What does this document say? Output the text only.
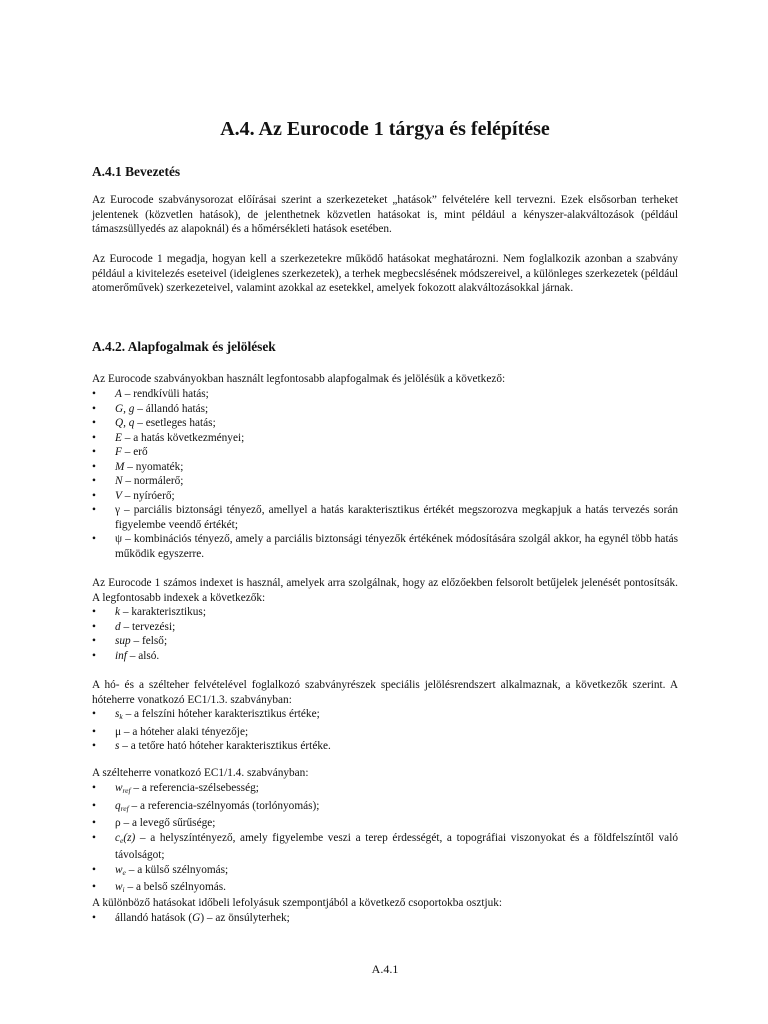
A.4. Az Eurocode 1 tárgya és felépítése
A.4.1 Bevezetés

Az Eurocode szabványsorozat előírásai szerint a szerkezeteket „hatások” felvételére kell tervezni. Ezek elsősorban terheket jelentenek (közvetlen hatások), de jelenthetnek közvetlen hatásokat is, mint például a kényszer-alakváltozások (például támaszsüllyedés az alapoknál) és a hőmérsékleti hatások esetében.

Az Eurocode 1 megadja, hogyan kell a szerkezetekre működő hatásokat meghatározni. Nem foglalkozik azonban a szabvány például a kivitelezés eseteivel (ideiglenes szerkezetek), a terhek megbecslésének módszereivel, a különleges szerkezetek (például atomerőművek) szerkezeteivel, valamint azokkal az esetekkel, amelyek fokozott alakváltozásokkal járnak.

A.4.2. Alapfogalmak és jelölések

Az Eurocode szabványokban használt legfontosabb alapfogalmak és jelölésük a következő:

• A – rendkívüli hatás;
• G, g – állandó hatás;
• Q, q – esetleges hatás;
• E – a hatás következményei;
• F – erő
• M – nyomaték;
• N – normálerő;
• V – nyíróerő;
• γ – parciális biztonsági tényező, amellyel a hatás karakterisztikus értékét megszorozva megkapjuk a hatás tervezés során figyelembe veendő értékét;
• ψ – kombinációs tényező, amely a parciális biztonsági tényezők értékének módosítására szolgál akkor, ha egynél több hatás működik egyszerre.

Az Eurocode 1 számos indexet is használ, amelyek arra szolgálnak, hogy az előzőekben felsorolt betűjelek jelenését pontosítsák. A legfontosabb indexek a következők:

• k – karakterisztikus;
• d – tervezési;
• sup – felső;
• inf – alsó.

A hó- és a szélteher felvételével foglalkozó szabványrészek speciális jelölésrendszert alkalmaznak, a következők szerint. A hóteherre vonatkozó EC1/1.3. szabványban:

• $s_k$ – a felszíni hóteher karakterisztikus értéke;
• μ – a hóteher alaki tényezője;
• s – a tetőre ható hóteher karakterisztikus értéke.

A szélteherre vonatkozó EC1/1.4. szabványban:

• $w_{ref}$ – a referencia-szélsebesség;
• $q_{ref}$ – a referencia-szélnyomás (torlónyomás);
• ρ – a levegő sűrűsége;
• $c_e(z)$ – a helyszíntényező, amely figyelembe veszi a terep érdességét, a topográfiai viszonyokat és a földfelszíntől való távolságot;
• $w_e$ – a külső szélnyomás;
• $w_i$ – a belső szélnyomás.

A különböző hatásokat időbeli lefolyásuk szempontjából a következő csoportokba osztjuk:

• állandó hatások (G) – az önsúlyterhek;
A.4.1
